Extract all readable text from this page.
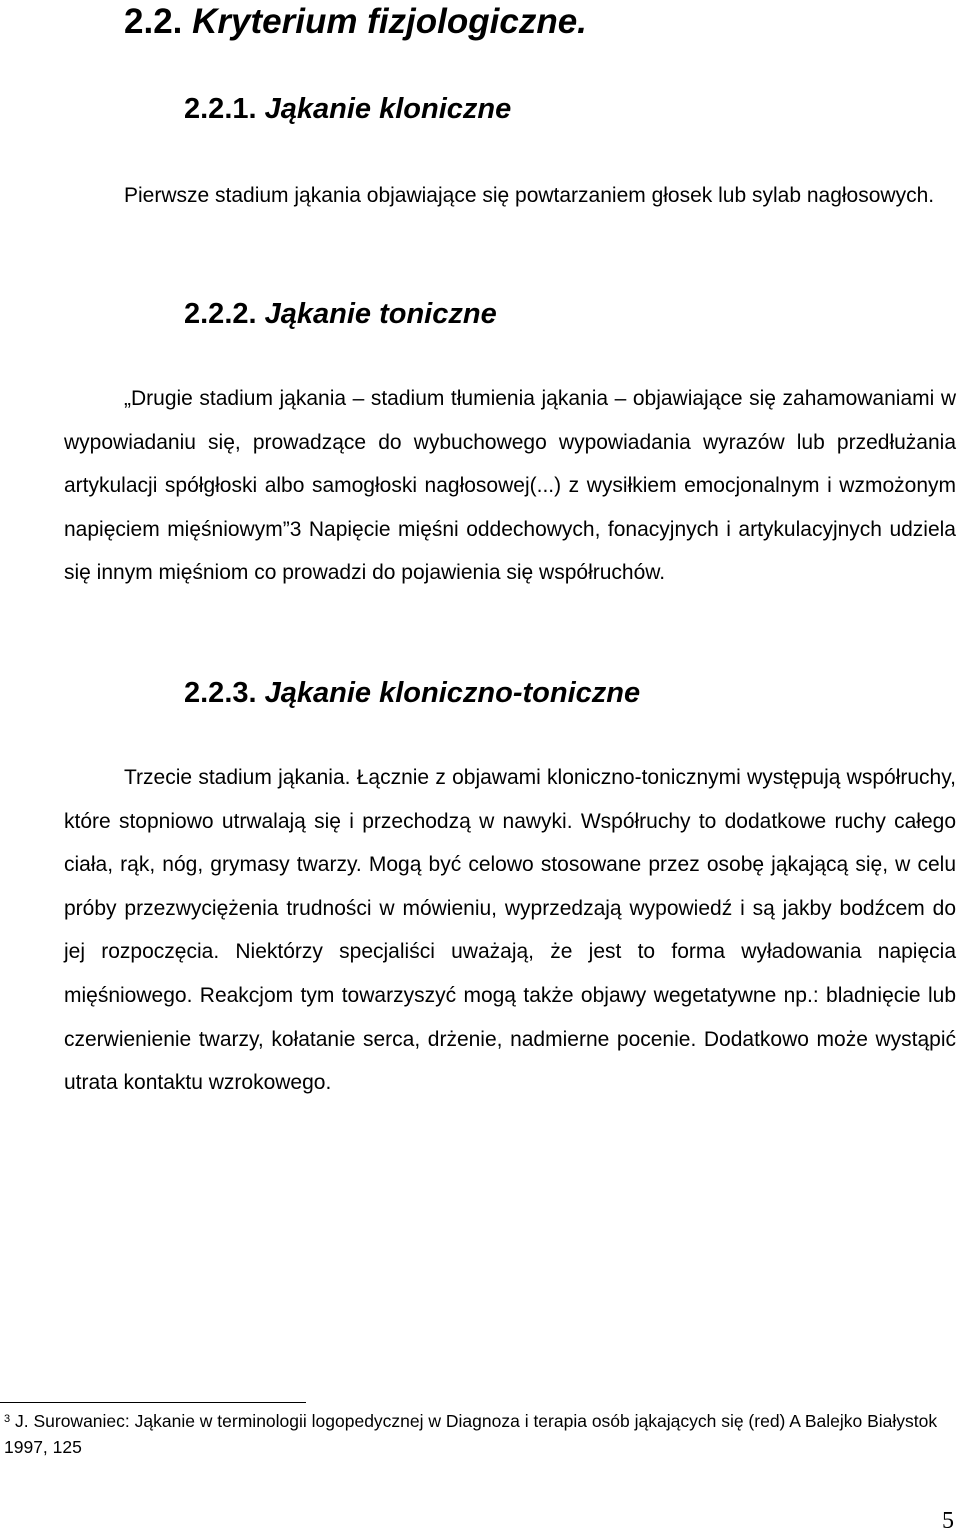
2.2. Kryterium fizjologiczne.
2.2.1. Jąkanie kloniczne

Pierwsze stadium jąkania objawiające się powtarzaniem głosek lub sylab nagłosowych.

2.2.2. Jąkanie toniczne

„Drugie stadium jąkania – stadium tłumienia jąkania – objawiające się zahamowaniami w wypowiadaniu się, prowadzące do wybuchowego wypowiadania wyrazów lub przedłużania artykulacji spółgłoski albo samogłoski nagłosowej(...) z wysiłkiem emocjonalnym i wzmożonym napięciem mięśniowym”3 Napięcie mięśni oddechowych, fonacyjnych i artykulacyjnych udziela się innym mięśniom co prowadzi do pojawienia się współruchów.

2.2.3. Jąkanie kloniczno-toniczne

Trzecie stadium jąkania. Łącznie z objawami kloniczno-tonicznymi występują współruchy, które stopniowo utrwalają się i przechodzą w nawyki. Współruchy to dodatkowe ruchy całego ciała, rąk, nóg, grymasy twarzy. Mogą być celowo stosowane przez osobę jąkającą się, w celu próby przezwyciężenia trudności w mówieniu, wyprzedzają wypowiedź i są jakby bodźcem do jej rozpoczęcia. Niektórzy specjaliści uważają, że jest to forma wyładowania napięcia mięśniowego. Reakcjom tym towarzyszyć mogą także objawy wegetatywne np.: bladnięcie lub czerwienienie twarzy, kołatanie serca, drżenie, nadmierne pocenie. Dodatkowo może wystąpić utrata kontaktu wzrokowego.

$^3$ J. Surowaniec: Jąkanie w terminologii logopedycznej w Diagnoza i terapia osób jąkających się (red) A Balejko Białystok 1997, 125

5
